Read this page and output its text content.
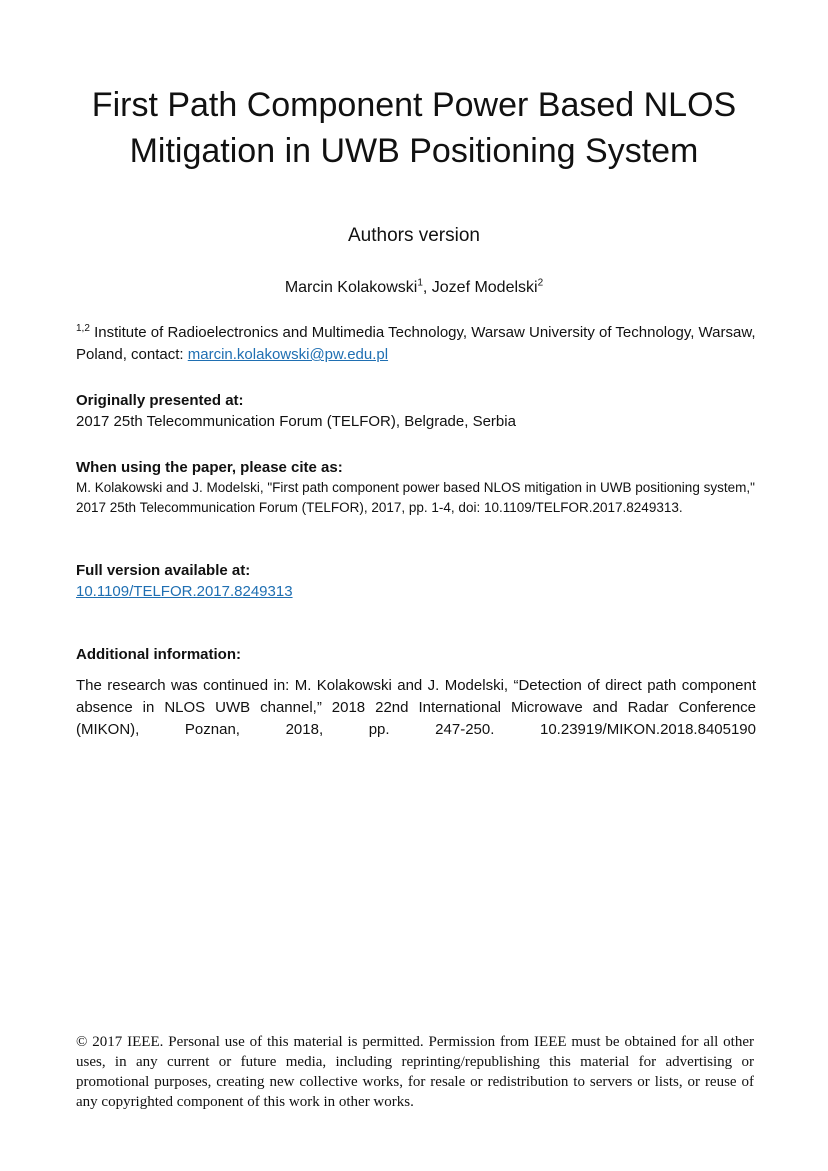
First Path Component Power Based NLOS
Mitigation in UWB Positioning System

Authors version

Marcin Kolakowski$^1$, Jozef Modelski$^2$

$^{1,2}$ Institute of Radioelectronics and Multimedia Technology, Warsaw University of Technology, Warsaw, Poland, contact: marcin.kolakowski@pw.edu.pl

Originally presented at:

2017 25th Telecommunication Forum (TELFOR), Belgrade, Serbia

When using the paper, please cite as:

M. Kolakowski and J. Modelski, "First path component power based NLOS mitigation in UWB positioning system," 2017 25th Telecommunication Forum (TELFOR), 2017, pp. 1-4, doi: 10.1109/TELFOR.2017.8249313.

Full version available at:

10.1109/TELFOR.2017.8249313

Additional information:

The research was continued in: M. Kolakowski and J. Modelski, “Detection of direct path component absence in NLOS UWB channel,” 2018 22nd International Microwave and Radar Conference (MIKON), Poznan, 2018, pp. 247-250. 10.23919/MIKON.2018.8405190

© 2017 IEEE. Personal use of this material is permitted. Permission from IEEE must be obtained for all other uses, in any current or future media, including reprinting/republishing this material for advertising or promotional purposes, creating new collective works, for resale or redistribution to servers or lists, or reuse of any copyrighted component of this work in other works.
